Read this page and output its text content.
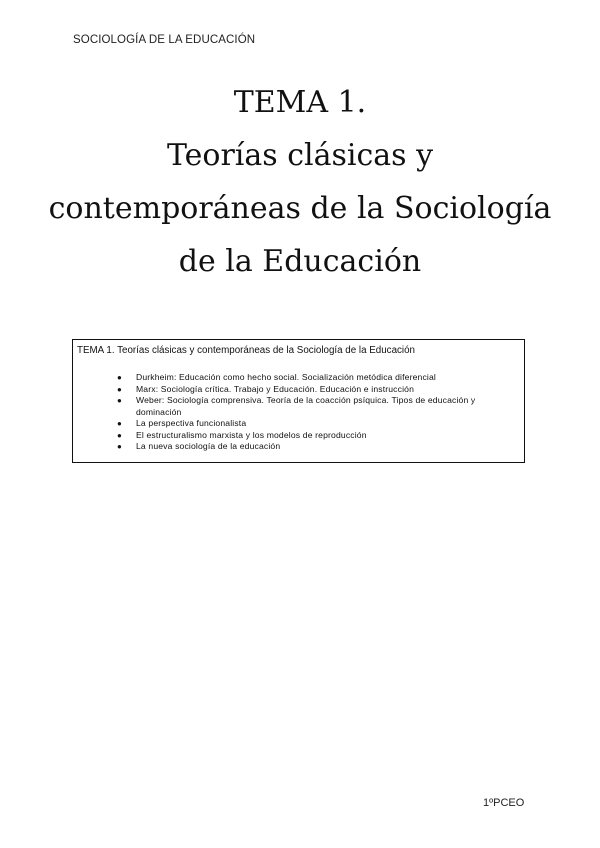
SOCIOLOGÍA DE LA EDUCACIÓN
TEMA 1.
Teorías clásicas y
contemporáneas de la Sociología
de la Educación
TEMA 1. Teorías clásicas y contemporáneas de la Sociología de la Educación
● Durkheim: Educación como hecho social. Socialización metódica diferencial
● Marx: Sociología crítica. Trabajo y Educación. Educación e instrucción
● Weber: Sociología comprensiva. Teoría de la coacción psíquica. Tipos de educación y dominación
● La perspectiva funcionalista
● El estructuralismo marxista y los modelos de reproducción
● La nueva sociología de la educación
1ºPCEO
